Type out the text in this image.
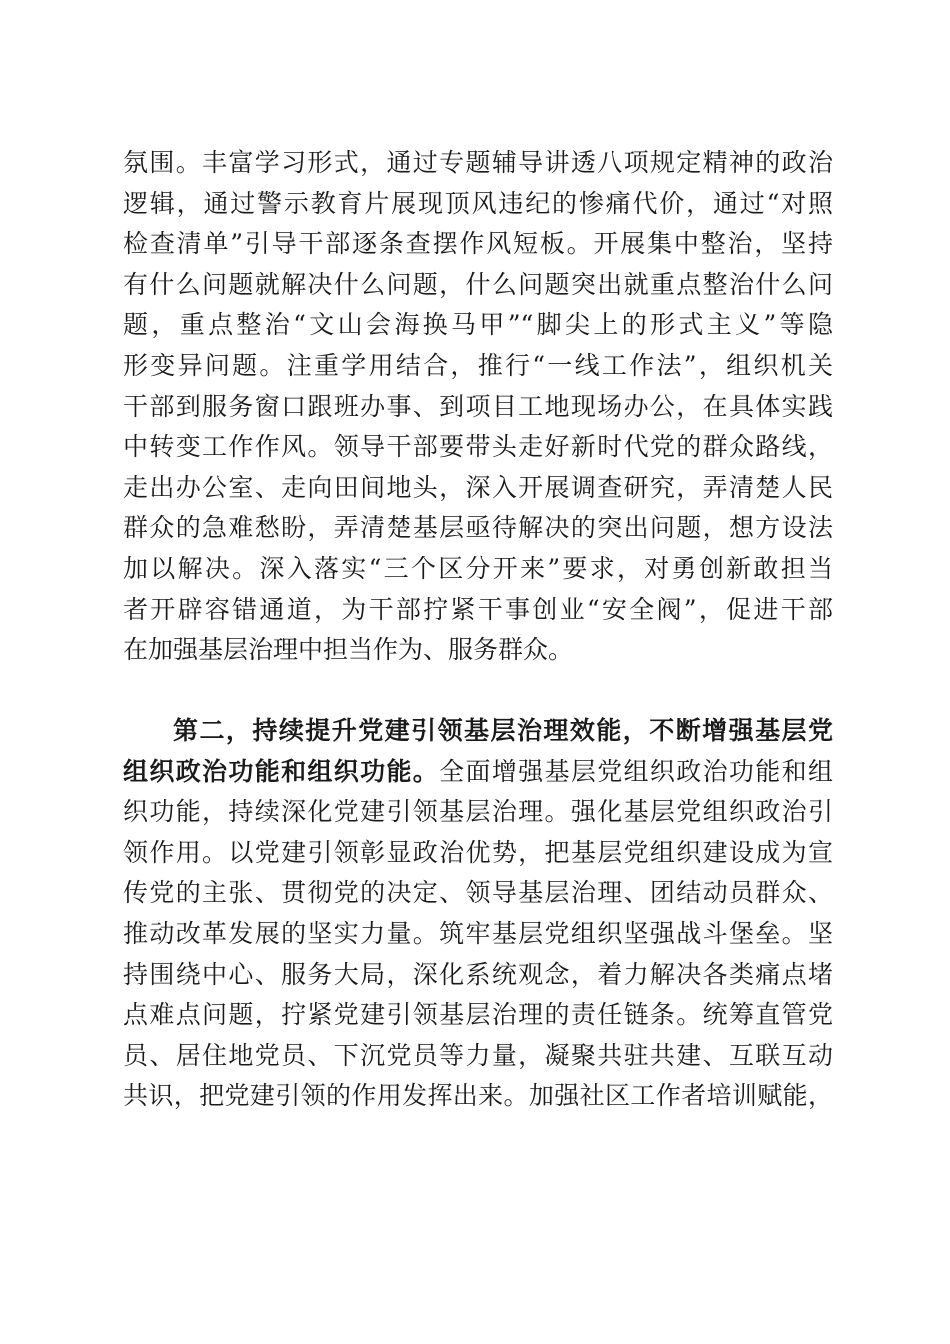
氛围。丰富学习形式，通过专题辅导讲透八项规定精神的政治
逻辑，通过警示教育片展现顶风违纪的惨痛代价，通过“对照
检查清单”引导干部逐条查摆作风短板。开展集中整治，坚持
有什么问题就解决什么问题，什么问题突出就重点整治什么问
题，重点整治“文山会海换马甲”“脚尖上的形式主义”等隐
形变异问题。注重学用结合，推行“一线工作法”，组织机关
干部到服务窗口跟班办事、到项目工地现场办公，在具体实践
中转变工作作风。领导干部要带头走好新时代党的群众路线，
走出办公室、走向田间地头，深入开展调查研究，弄清楚人民
群众的急难愁盼，弄清楚基层亟待解决的突出问题，想方设法
加以解决。深入落实“三个区分开来”要求，对勇创新敢担当
者开辟容错通道，为干部拧紧干事创业“安全阀”，促进干部
在加强基层治理中担当作为、服务群众。
第二，持续提升党建引领基层治理效能，不断增强基层党
组织政治功能和组织功能。全面增强基层党组织政治功能和组
织功能，持续深化党建引领基层治理。强化基层党组织政治引
领作用。以党建引领彰显政治优势，把基层党组织建设成为宣
传党的主张、贯彻党的决定、领导基层治理、团结动员群众、
推动改革发展的坚实力量。筑牢基层党组织坚强战斗堡垒。坚
持围绕中心、服务大局，深化系统观念，着力解决各类痛点堵
点难点问题，拧紧党建引领基层治理的责任链条。统筹直管党
员、居住地党员、下沉党员等力量，凝聚共驻共建、互联互动
共识，把党建引领的作用发挥出来。加强社区工作者培训赋能，
